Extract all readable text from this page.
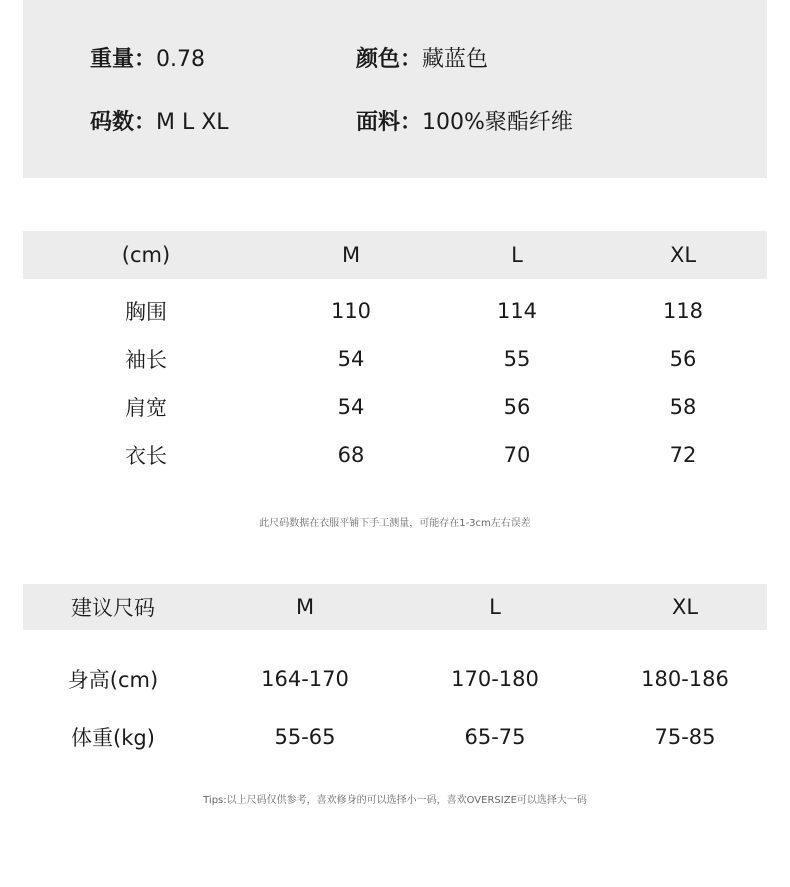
重量：0.78	颜色：藏蓝色
码数：M L XL	面料：100%聚酯纤维
(cm)	M	L	XL
胸围	110	114	118
袖长	54	55	56
肩宽	54	56	58
衣长	68	70	72
此尺码数据在衣服平铺下手工测量，可能存在1-3cm左右误差
建议尺码	M	L	XL
身高(cm)	164-170	170-180	180-186
体重(kg)	55-65	65-75	75-85
Tips:以上尺码仅供参考，喜欢修身的可以选择小一码，喜欢OVERSIZE可以选择大一码
